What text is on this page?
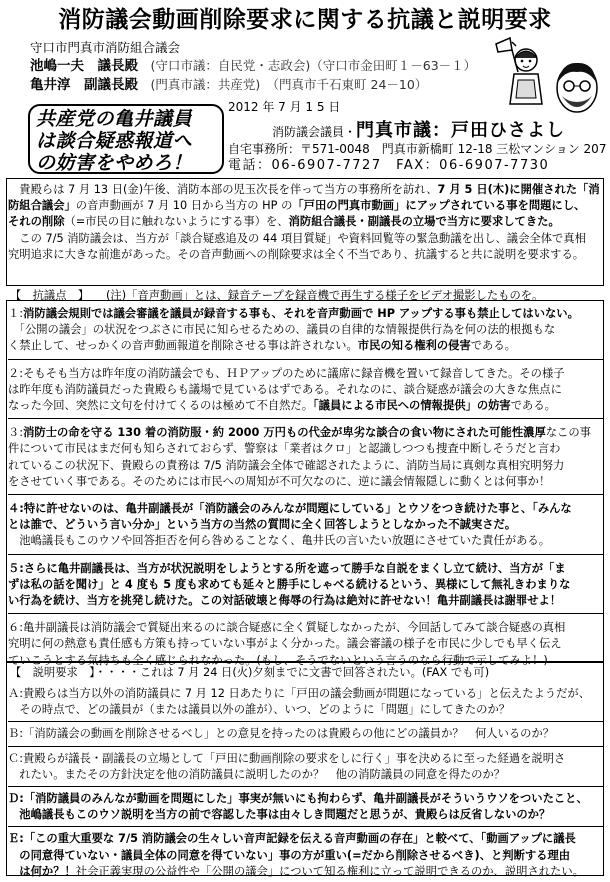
消防議会動画削除要求に関する抗議と説明要求
守口市門真市消防組合議会
池嶋一夫　議長殿　 (守口市議：自民党・志政会)（守口市金田町１－63－１）
亀井淳　副議長殿　 (門真市議：共産党)　（門真市千石東町 24－10）
2012 年 7 月 1 5 日
共産党の亀井議員
は談合疑惑報道へ
の妨害をやめろ！
消防議会議員・門真市議：戸田ひさよし
自宅事務所：〒571-0048　門真市新橋町 12-18 三松マンション 207
電話：06-6907-7727　FAX：06-6907-7730
　貴殿らは 7 月 13 日(金)午後、消防本部の児玉次長を伴って当方の事務所を訪れ、7 月 5 日(木)に開催された「消
防組合議会」の音声動画が 7 月 10 日から当方の HP の「戸田の門真市動画」にアップされている事を問題にし、
それの削除（=市民の目に触れないようにする事）を、消防組合議長・副議長の立場で当方に要求してきた。
　この 7/5 消防議会は、当方が「談合疑惑追及の 44 項目質疑」や資料回覧等の緊急動議を出し、議会全体で真相
究明追求に大きな前進があった。その音声動画への削除要求は全く不当であり、抗議すると共に説明を要求する。
【　抗議点　】　　(注)「音声動画」とは、録音テープを録音機で再生する様子をビデオ撮影したものを。
１:消防議会規則では議会審議を議員が録音する事も、それを音声動画で HP アップする事も禁止してはいない。
　「公開の議会」の状況をつぶさに市民に知らせるための、議員の自律的な情報提供行為を何の法的根拠もな
く禁止して、せっかくの音声動画報道を削除させる事は許されない。市民の知る権利の侵害である。
２:そもそも当方は昨年度の消防議会でも、ＨＰアップのために議席に録音機を置いて録音してきた。その様子
は昨年度も消防議員だった貴殿らも議場で見ているはずである。それなのに、談合疑惑が議会の大きな焦点に
なった今回、突然に文句を付けてくるのは極めて不自然だ。「議員による市民への情報提供」の妨害である。
３:消防士の命を守る 130 着の消防服・約 2000 万円もの代金が卑劣な談合の食い物にされた可能性濃厚なこの事
件について市民はまだ何も知らされておらず、警察は「業者はクロ」と認識しつつも捜査中断しそうだと言わ
れているこの状況下、貴殿らの責務は 7/5 消防議会全体で確認されたように、消防当局に真剣な真相究明努力
をさせていく事である。そのためには市民への周知が不可欠なのに、逆に議会情報隠しに動くとは何事か！
４:特に許せないのは、亀井副議長が「消防議会のみんなが問題にしている」とウソをつき続けた事と、「みんな
とは誰で、どういう言い分か」という当方の当然の質問に全く回答しようとしなかった不誠実さだ。
　池嶋議長もこのウソや回答拒否を何ら咎めることなく、亀井氏の言いたい放題にさせていた責任がある。
５:さらに亀井副議長は、当方が状況説明をしようとする所を遮って勝手な自説をまくし立て続け、当方が「ま
ずは私の話を聞け」と 4 度も 5 度も求めても延々と勝手にしゃべる続けるという、異様にして無礼きわまりな
い行為を続け、当方を挑発し続けた。この対話破壊と侮辱の行為は絶対に許せない！亀井副議長は謝罪せよ！
６:亀井副議長は消防議会で質疑出来るのに談合疑惑に全く質疑しなかったが、今回話してみて談合疑惑の真相
究明に何の熱意も責任感も方策も持っていない事がよく分かった。議会審議の様子を市民に少しでも早く伝え
ていこうとする気持ちも全く感じられなかった。(もし、そうでないという言うのなら行動で示してみよ！)
【　説明要求　】・・・・これは 7 月 24 日(火)夕刻までに文書で回答されたい。(FAX でも可)
Ａ:貴殿らは当方以外の消防議員に 7 月 12 日あたりに「戸田の議会動画が問題になっている」と伝えたようだが、
　その時点で、どの議員が（または議員以外の誰が）、いつ、どのように「問題」にしてきたのか？
Ｂ:「消防議会の動画を削除させるべし」との意見を持ったのは貴殿らの他にどの議員か？　何人いるのか？
Ｃ:貴殿らが議長・副議長の立場として「戸田に動画削除の要求をしに行く」事を決めるに至った経過を説明さ
　れたい。またその方針決定を他の消防議員に説明したのか？　他の消防議員の同意を得たのか？
Ｄ:「消防議員のみんなが動画を問題にした」事実が無いにも拘わらず、亀井副議長がそういうウソをついたこと、
　池嶋議長もこのウソ説明を当方の前で容認した事は由々しき問題だと思うが、貴殿らは反省しないのか？
Ｅ:「この重大重要な 7/5 消防議会の生々しい音声記録を伝える音声動画の存在」と較べて、「動画アップに議長
　の同意得ていない・議員全体の同意を得ていない」事の方が重い(=だから削除させるべき)、と判断する理由
　は何か？！社会正義実現の公益性や「公開の議会」について知る権利に立って説明できるのか、説明されたい。
